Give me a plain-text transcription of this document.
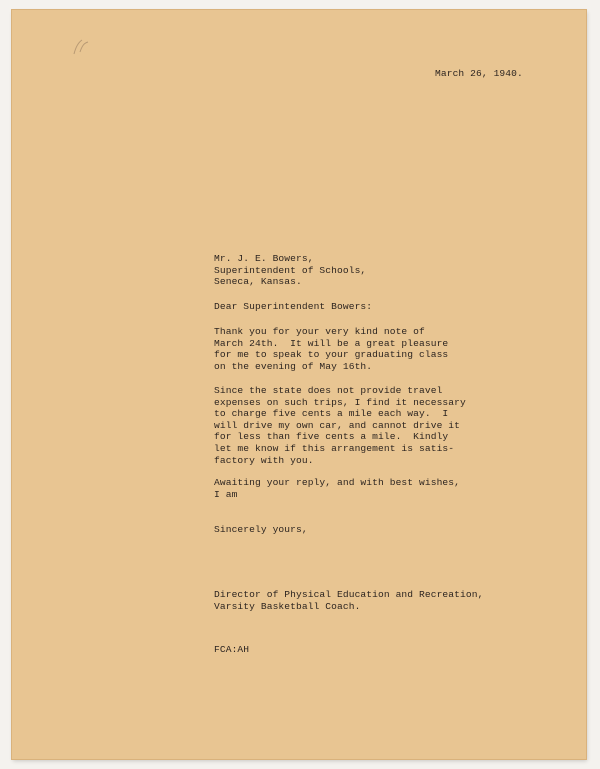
March 26, 1940.
Mr. J. E. Bowers,
Superintendent of Schools,
Seneca, Kansas.
Dear Superintendent Bowers:
Thank you for your very kind note of
March 24th.  It will be a great pleasure
for me to speak to your graduating class
on the evening of May 16th.
Since the state does not provide travel
expenses on such trips, I find it necessary
to charge five cents a mile each way.  I
will drive my own car, and cannot drive it
for less than five cents a mile.  Kindly
let me know if this arrangement is satis-
factory with you.
Awaiting your reply, and with best wishes,
I am
Sincerely yours,
Director of Physical Education and Recreation,
Varsity Basketball Coach.
FCA:AH
